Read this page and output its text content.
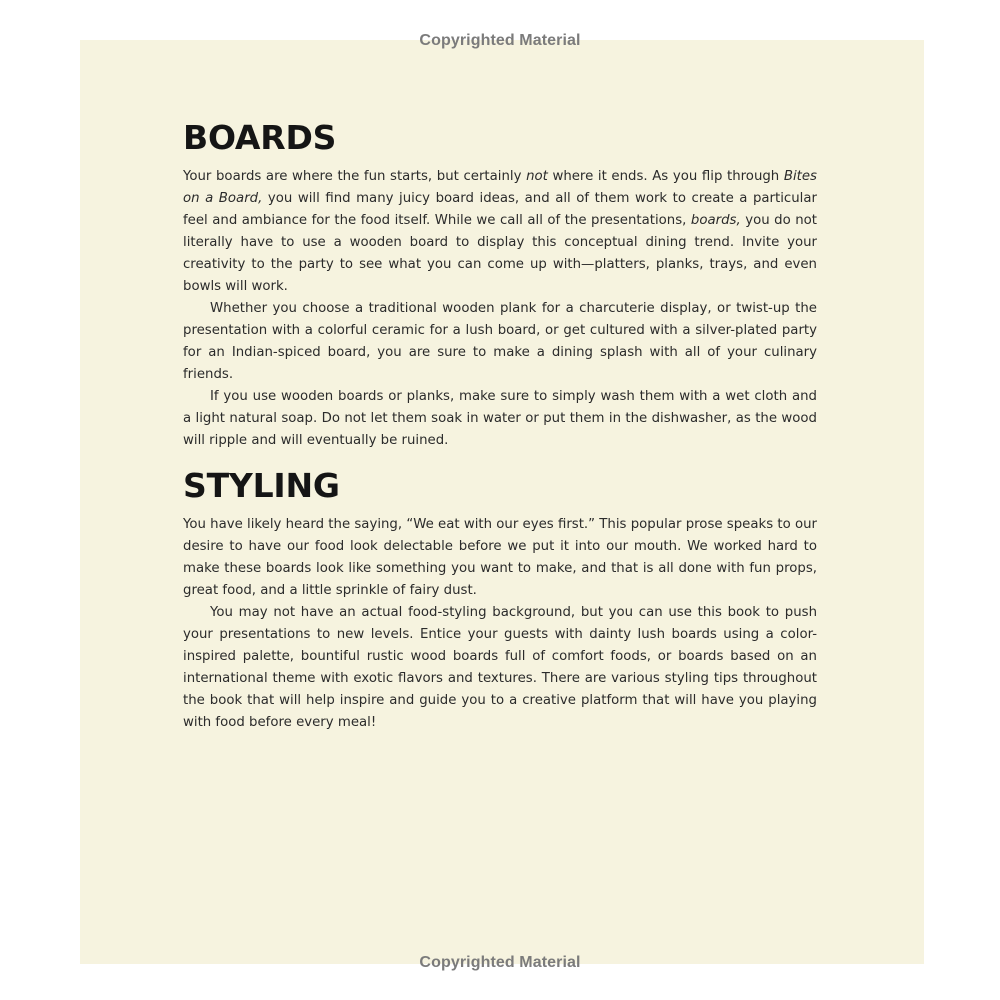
Copyrighted Material
BOARDS

Your boards are where the fun starts, but certainly not where it ends. As you flip through Bites on a Board, you will find many juicy board ideas, and all of them work to create a particular feel and ambiance for the food itself. While we call all of the presentations, boards, you do not literally have to use a wooden board to display this conceptual dining trend. Invite your creativity to the party to see what you can come up with—platters, planks, trays, and even bowls will work.

Whether you choose a traditional wooden plank for a charcuterie display, or twist-up the presentation with a colorful ceramic for a lush board, or get cultured with a silver-plated party for an Indian-spiced board, you are sure to make a dining splash with all of your culinary friends.

If you use wooden boards or planks, make sure to simply wash them with a wet cloth and a light natural soap. Do not let them soak in water or put them in the dishwasher, as the wood will ripple and will eventually be ruined.

STYLING

You have likely heard the saying, “We eat with our eyes first.” This popular prose speaks to our desire to have our food look delectable before we put it into our mouth. We worked hard to make these boards look like something you want to make, and that is all done with fun props, great food, and a little sprinkle of fairy dust.

You may not have an actual food-styling background, but you can use this book to push your presentations to new levels. Entice your guests with dainty lush boards using a color-inspired palette, bountiful rustic wood boards full of comfort foods, or boards based on an international theme with exotic flavors and textures. There are various styling tips throughout the book that will help inspire and guide you to a creative platform that will have you playing with food before every meal!

Copyrighted Material
